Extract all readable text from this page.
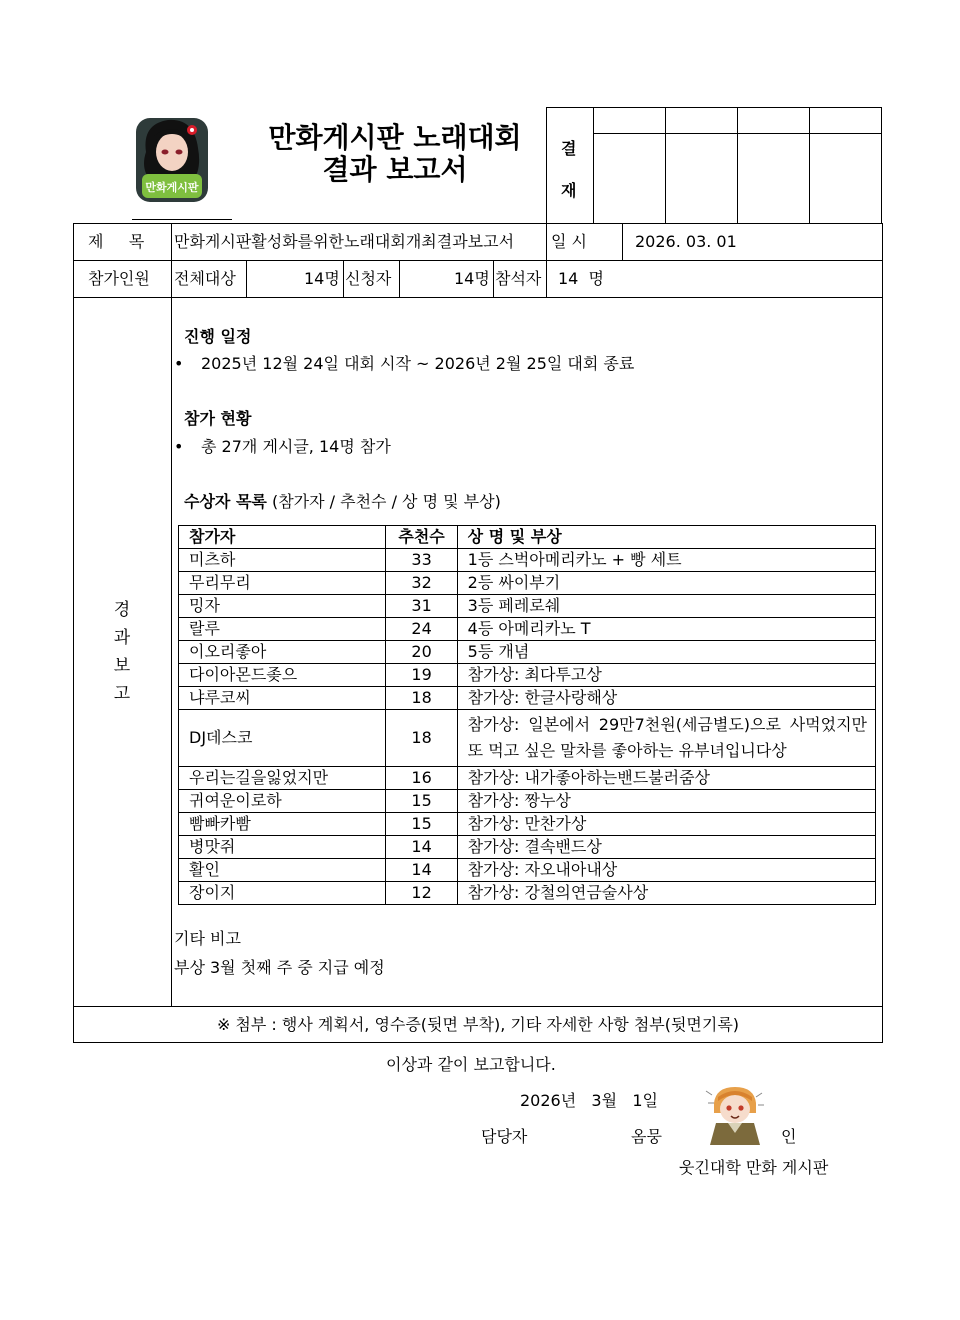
만화게시판
만화게시판 노래대회
결과 보고서
결
재
제     목 만화게시판활성화를위한노래대회개최결과보고서 일 시	2026. 03. 01
참가인원 전체대상	14명 신청자	14명 참석자 14  명
경
과
보
고
진행 일정
• 2025년 12월 24일 대회 시작 ~ 2026년 2월 25일 대회 종료
참가 현황
• 총 27개 게시글, 14명 참가
수상자 목록 (참가자 / 추천수 / 상 명 및 부상)
참가자	추천수	상 명 및 부상
미츠하	33	1등 스벅아메리카노 + 빵 세트
무리무리	32	2등 싸이부기
밍자	31	3등 페레로쉐
랄루	24	4등 아메리카노 T
이오리좋아	20	5등 개념
다이아몬드좆으	19	참가상: 최다투고상
냐루코씨	18	참가상: 한글사랑해상
DJ데스코	18	참가상: 일본에서 29만7천원(세금별도)으로 사먹었지만 또 먹고 싶은 말차를 좋아하는 유부녀입니다상
우리는길을잃었지만	16	참가상: 내가좋아하는밴드불러줌상
귀여운이로하	15	참가상: 짱누상
빰빠카빰	15	참가상: 만찬가상
병맛쥐	14	참가상: 결속밴드상
활인	14	참가상: 자오내아내상
장이지	12	참가상: 강철의연금술사상
기타 비고
부상 3월 첫째 주 중 지급 예정
※ 첨부 : 행사 계획서, 영수증(뒷면 부착), 기타 자세한 사항 첨부(뒷면기록)
이상과 같이 보고합니다.
2026년   3월   1일
담당자	옴뭉	인
웃긴대학 만화 게시판
